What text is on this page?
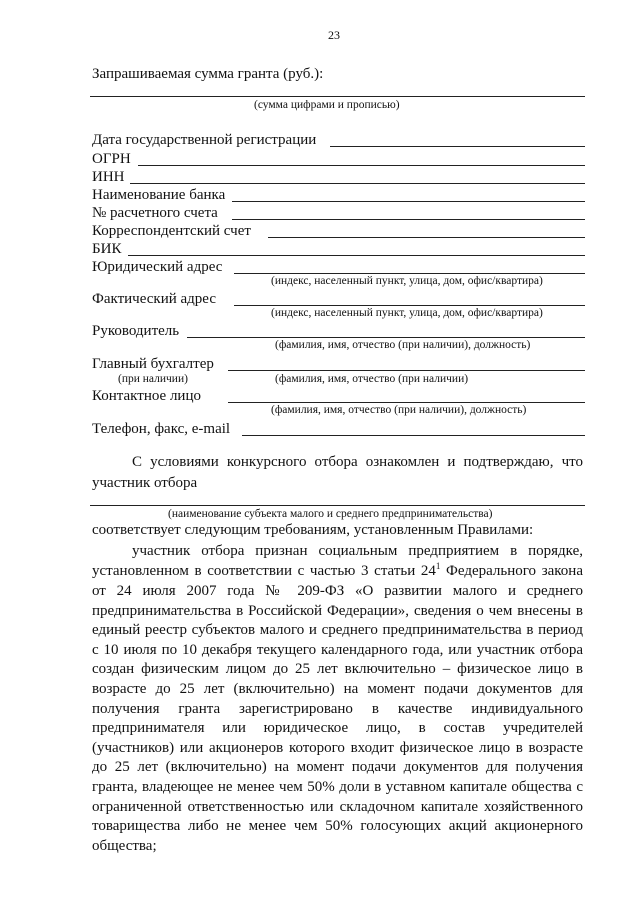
23
Запрашиваемая сумма гранта (руб.):
(сумма цифрами и прописью)
Дата государственной регистрации
ОГРН
ИНН
Наименование банка
№ расчетного счета
Корреспондентский счет
БИК
Юридический адрес
(индекс, населенный пункт, улица, дом, офис/квартира)
Фактический адрес
(индекс, населенный пункт, улица, дом, офис/квартира)
Руководитель
(фамилия, имя, отчество (при наличии), должность)
Главный бухгалтер
(при наличии)	(фамилия, имя, отчество (при наличии)
Контактное лицо
(фамилия, имя, отчество (при наличии), должность)
Телефон, факс, e-mail
С условиями конкурсного отбора ознакомлен и подтверждаю, что
участник отбора
(наименование субъекта малого и среднего предпринимательства)
соответствует следующим требованиям, установленным Правилами:
участник отбора признан социальным предприятием в порядке,
установленном в соответствии с частью 3 статьи $24^1$ Федерального закона
от 24 июля 2007 года № 209-ФЗ «О развитии малого и среднего предпринимательства в Российской Федерации», сведения о чем внесены в единый реестр субъектов малого и среднего предпринимательства в период с 10 июля по 10 декабря текущего календарного года, или участник отбора создан физическим лицом до 25 лет включительно – физическое лицо в возрасте до 25 лет (включительно) на момент подачи документов для получения гранта зарегистрировано в качестве индивидуального предпринимателя или юридическое лицо, в состав учредителей (участников) или акционеров которого входит физическое лицо в возрасте до 25 лет (включительно) на момент подачи документов для получения гранта, владеющее не менее чем 50% доли в уставном капитале общества с ограниченной ответственностью или складочном капитале хозяйственного товарищества либо не менее чем 50% голосующих акций акционерного общества;
